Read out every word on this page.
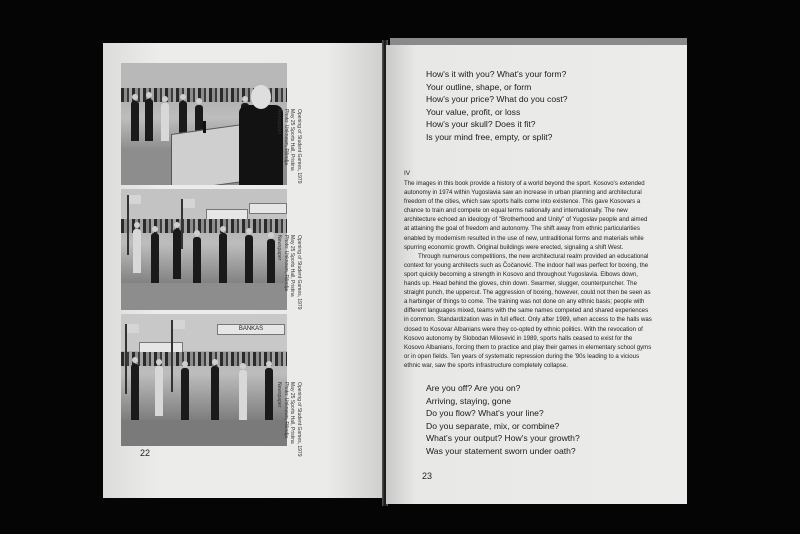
BANKAS
Opening of Student Games, 1979
May 25 Sports Hall, Pristina
Photo: Unknown, Rilindja Newspaper
Opening of Student Games, 1979
May 25 Sports Hall, Pristina
Photo: Unknown, Rilindja Newspaper
Opening of Student Games, 1979
May 25 Sports Hall, Pristina
Photo: Unknown, Rilindja Newspaper
22
How's it with you? What's your form?
Your outline, shape, or form
How's your price? What do you cost?
Your value, profit, or loss
How's your skull? Does it fit?
Is your mind free, empty, or split?
IV

The images in this book provide a history of a world beyond the sport. Kosovo's extended autonomy in 1974 within Yugoslavia saw an increase in urban planning and architectural freedom of the cities, which saw sports halls come into existence. This gave Kosovars a chance to train and compete on equal terms nationally and internationally. The new architecture echoed an ideology of "Brotherhood and Unity" of Yugoslav people and aimed at attaining the goal of freedom and autonomy. The shift away from ethnic particularities enabled by modernism resulted in the use of new, untraditional forms and materials while spurring economic growth. Original buildings were erected, signaling a shift West.

Through numerous competitions, the new architectural realm provided an educational context for young architects such as Čočanović. The indoor hall was perfect for boxing, the sport quickly becoming a strength in Kosovo and throughout Yugoslavia. Elbows down, hands up. Head behind the gloves, chin down. Swarmer, slugger, counterpuncher. The straight punch, the uppercut. The aggression of boxing, however, could not then be seen as a harbinger of things to come. The training was not done on any ethnic basis; people with different languages mixed, teams with the same names competed and shared experiences in common. Standardization was in full effect. Only after 1989, when access to the halls was closed to Kosovar Albanians were they co-opted by ethnic politics. With the revocation of Kosovo autonomy by Slobodan Milosević in 1989, sports halls ceased to exist for the Kosovo Albanians, forcing them to practice and play their games in elementary school gyms or in open fields. Ten years of systematic repression during the '90s leading to a vicious ethnic war, saw the sports infrastructure completely collapse.

Are you off? Are you on?
Arriving, staying, gone
Do you flow? What's your line?
Do you separate, mix, or combine?
What's your output? How's your growth?
Was your statement sworn under oath?
23
